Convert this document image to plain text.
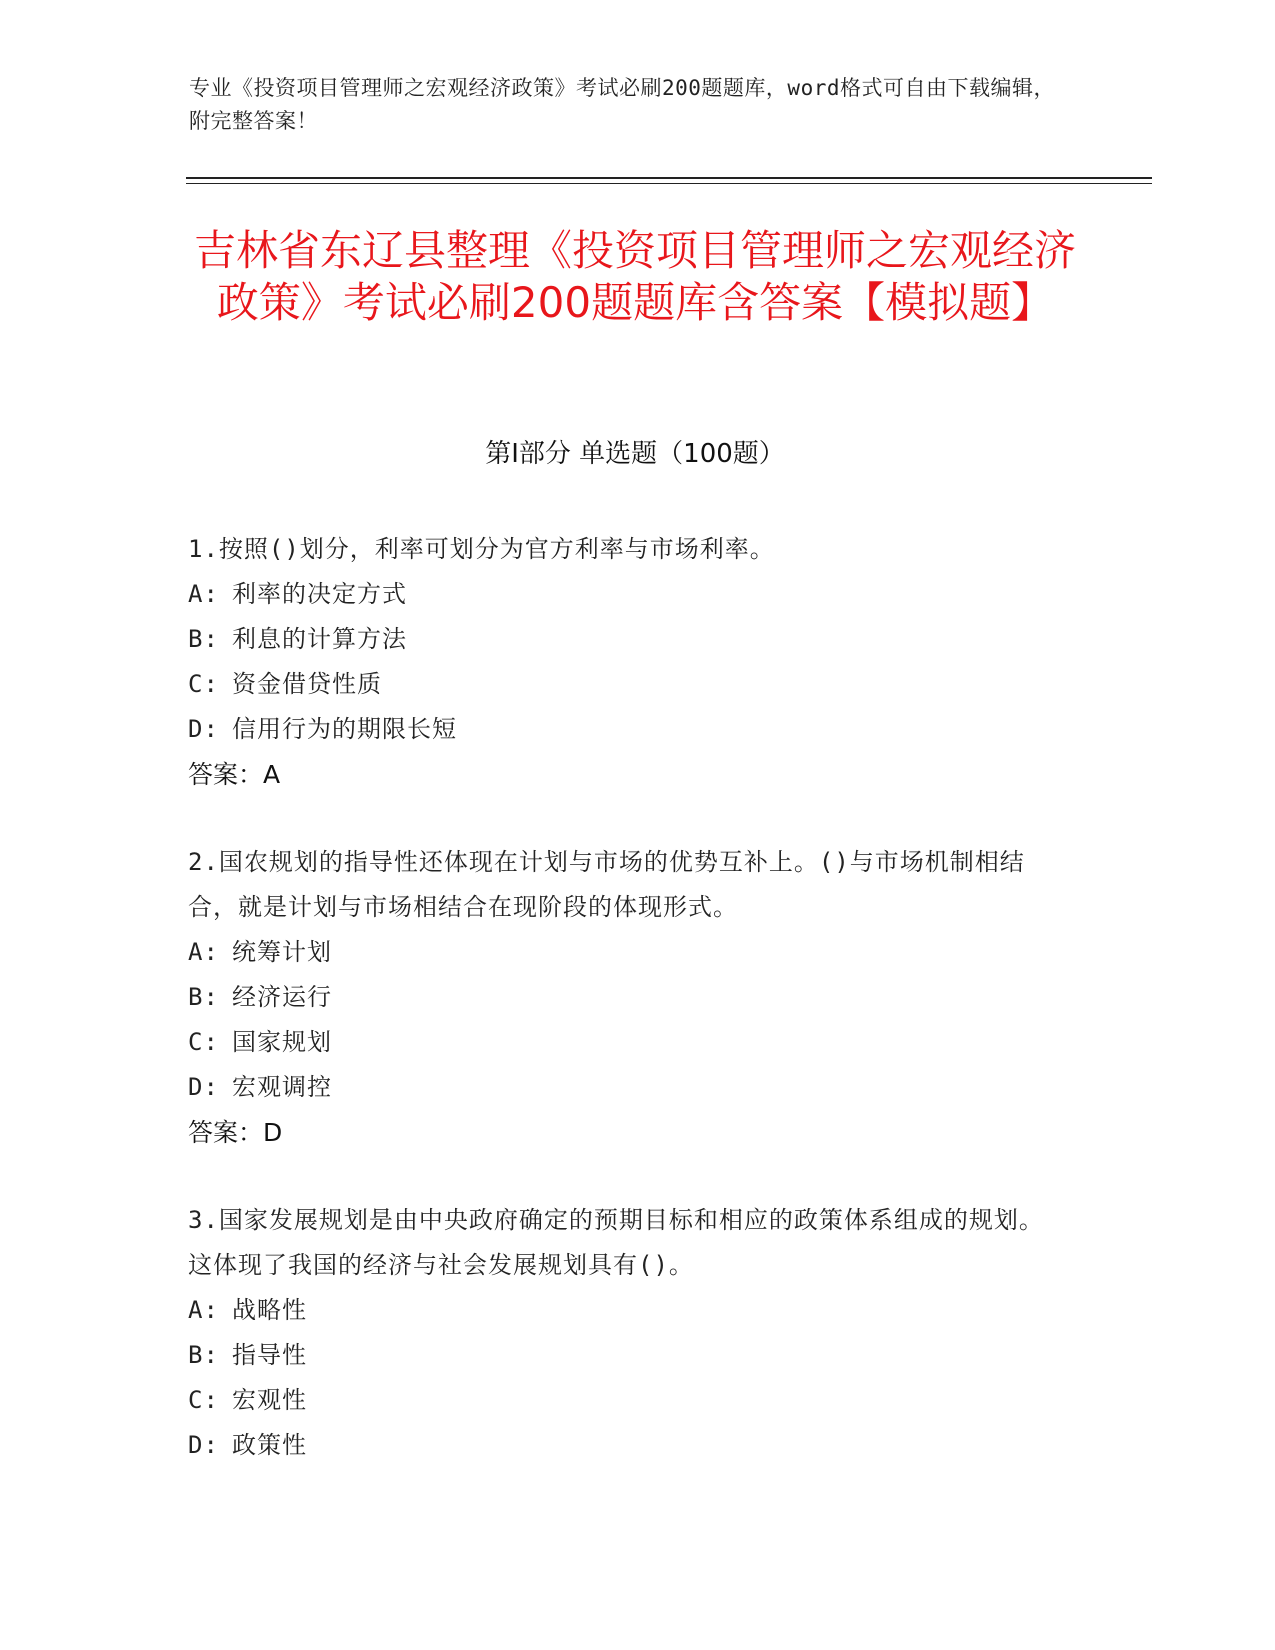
专业《投资项目管理师之宏观经济政策》考试必刷200题题库，word格式可自由下载编辑，附完整答案！
吉林省东辽县整理《投资项目管理师之宏观经济政策》考试必刷200题题库含答案【模拟题】
第Ⅰ部分 单选题（100题）

1.按照()划分，利率可划分为官方利率与市场利率。

A: 利率的决定方式
B: 利息的计算方法
C: 资金借贷性质
D: 信用行为的期限长短
答案：A

2.国农规划的指导性还体现在计划与市场的优势互补上。()与市场机制相结合，就是计划与市场相结合在现阶段的体现形式。

A: 统筹计划
B: 经济运行
C: 国家规划
D: 宏观调控
答案：D

3.国家发展规划是由中央政府确定的预期目标和相应的政策体系组成的规划。这体现了我国的经济与社会发展规划具有()。

A: 战略性
B: 指导性
C: 宏观性
D: 政策性
